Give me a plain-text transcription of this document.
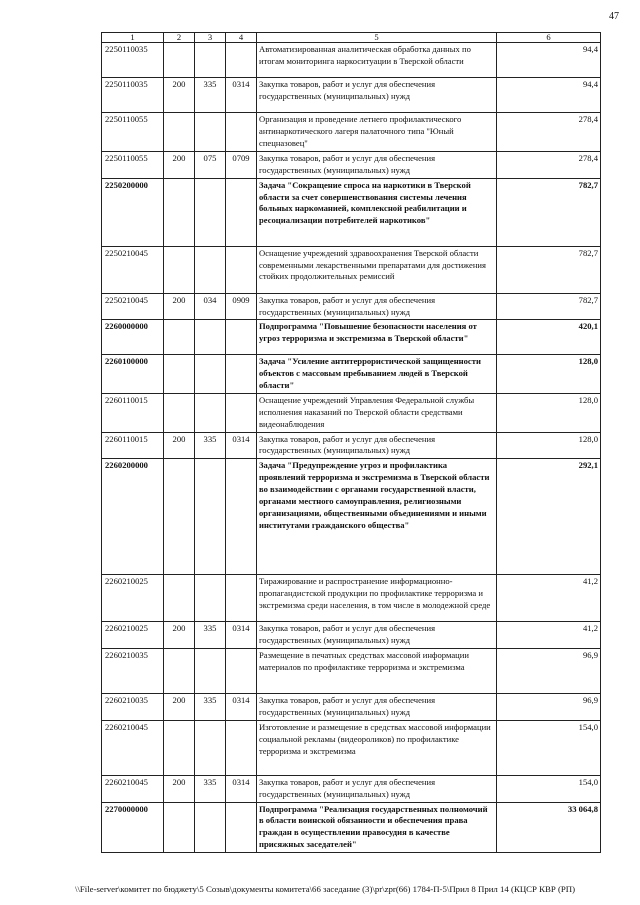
47
1	2	3	4	5	6
2250110035				Автоматизированная аналитическая обработка данных по итогам мониторинга наркоситуации в Тверской области	94,4
2250110035	200	335	0314	Закупка товаров, работ и услуг для обеспечения государственных (муниципальных) нужд	94,4
2250110055				Организация и проведение летнего профилактического антинаркотического лагеря палаточного типа "Юный спецназовец"	278,4
2250110055	200	075	0709	Закупка товаров, работ и услуг для обеспечения государственных (муниципальных) нужд	278,4
2250200000				Задача "Сокращение спроса на наркотики в Тверской области за счет совершенствования системы лечения больных наркоманией, комплексной реабилитации и ресоциализации потребителей наркотиков"	782,7
2250210045				Оснащение учреждений здравоохранения Тверской области современными лекарственными препаратами для достижения стойких продолжительных ремиссий	782,7
2250210045	200	034	0909	Закупка товаров, работ и услуг для обеспечения государственных (муниципальных) нужд	782,7
2260000000				Подпрограмма "Повышение безопасности населения от угроз терроризма и экстремизма в Тверской области"	420,1
2260100000				Задача "Усиление антитеррористической защищенности объектов с массовым пребыванием людей в Тверской области"	128,0
2260110015				Оснащение учреждений Управления Федеральной службы исполнения наказаний по Тверской области средствами видеонаблюдения	128,0
2260110015	200	335	0314	Закупка товаров, работ и услуг для обеспечения государственных (муниципальных) нужд	128,0
2260200000				Задача "Предупреждение угроз и профилактика проявлений терроризма и экстремизма в Тверской области во взаимодействии с органами государственной власти, органами местного самоуправления, религиозными организациями, общественными объединениями и иными институтами гражданского общества"	292,1
2260210025				Тиражирование и распространение информационно-пропагандистской продукции по профилактике терроризма и экстремизма среди населения, в том числе в молодежной среде	41,2
2260210025	200	335	0314	Закупка товаров, работ и услуг для обеспечения государственных (муниципальных) нужд	41,2
2260210035				Размещение в печатных средствах массовой информации материалов по профилактике терроризма и экстремизма	96,9
2260210035	200	335	0314	Закупка товаров, работ и услуг для обеспечения государственных (муниципальных) нужд	96,9
2260210045				Изготовление и размещение в средствах массовой информации социальной рекламы (видеороликов) по профилактике терроризма и экстремизма	154,0
2260210045	200	335	0314	Закупка товаров, работ и услуг для обеспечения государственных (муниципальных) нужд	154,0
2270000000				Подпрограмма "Реализация государственных полномочий в области воинской обязанности и обеспечения права граждан в осуществлении правосудия в качестве присяжных заседателей"	33 064,8
\\File-server\комитет по бюджету\5 Созыв\документы комитета\66 заседание (3)\pr\zpr(66) 1784-П-5\Прил 8 Прил 14 (КЦСР КВР (РП)
